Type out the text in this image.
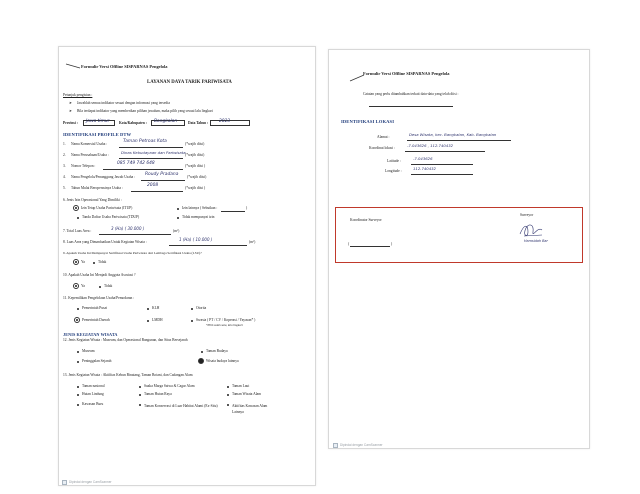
Formulir Versi Offline SISPARNAS Pengelola
LAYANAN DAYA TARIK PARIWISATA
Petunjuk pengisian :
➤ Jawablah semua indikator sesuai dengan informasi yang tersedia
➤ Bila terdapat indikator yang memberikan pilihan jawaban, maka pilih yang sesuai lalu lingkari
Provinsi : Jawa timur	Kota/Kabupaten : Bangkalan	Data Tahun : 2023
IDENTIFIKASI PROFILE DTW
1. Nama Komersial Usaha :	Taman Petroas Kota	(*wajib diisi)
2. Nama Perusahaan/Usaha :	Dinas Kebudayaan dan Pariwisata (*wajib diisi)
3. Nomor Telepon :	085 749 742 648	(*wajib diisi )
4. Nama Pengelola/Penanggung Jawab Usaha : Roudy Pradana (*wajib diisi)
5. Tahun Mulai Beroperasinya Usaha :	2008	(*wajib diisi )
6. Jenis Izin Operasional Yang Dimiliki :
Izin Tetap Usaha Pariwisata (ITUP)	Izin lainnya ( Sebutkan :	)
Tanda Daftar Usaha Pariwisata (TDUP)	Tidak mempunyai izin
7. Total Luas Area :	3 (Ha) ( 30.000 )	(m²)
8. Luas Area yang Dimanfaatkan Untuk Kegiatan Wisata :	1 (Ha) ( 10.000 )	(m²)
9. Apakah Usaha Ini Mempunyai Sertifikasi Usaha Pariwisata dari Lembaga Sertifikasi Usaha (LSU)?
Ya	Tidak
10. Apakah Usaha Ini Menjadi Anggota Asosiasi ?
Ya	Tidak
11. Kepemilikan Pengelolaan Usaha/Pemodaran :
Pemerintah Pusat	KLH	Otorita
Pemerintah Daerah	LMDH	Swasta ( PT / CV / Koperasi / Yayasan* )
*Pilih salah satu, lalu lingkari
JENIS KEGIATAN WISATA
12. Jenis Kegiatan Wisata : Museum, dan Operasional Bangunan, dan Situs Bersejarah
Museum	Taman Budaya
Peninggalan Sejarah	Wisata budaya lainnya
13. Jenis Kegiatan Wisata : Aktifitas Kebun Binatang, Taman Botani, dan Cadangan Alam
Taman nasional	Suaka Marga Satwa & Cagar Alam	Taman Laut
Hutan Lindung	Taman Hutan Raya	Taman Wisata Alam
Kawasan Buru	Taman Konservasi di Luar Habitat Alami (Ex-Situ)	Aktifitas Kawasan Alam Lainnya
Dipindai dengan CamScanner
Formulir Versi Offline SISPARNAS Pengelola
Catatan yang perlu ditambahkan terkait data-data yang telah diisi :
IDENTIFIKASI LOKASI
Alamat :	Desa Wisata, kec. Bangkalan, Kab. Bangkalan
Koordinat lokasi :	-7.043626 , 112.740432
Latitude :	-7.043626
Longitude :	112.740432
Koordinator Surveyor
Surveyor
Hamsidah Bar
(	)
Dipindai dengan CamScanner
